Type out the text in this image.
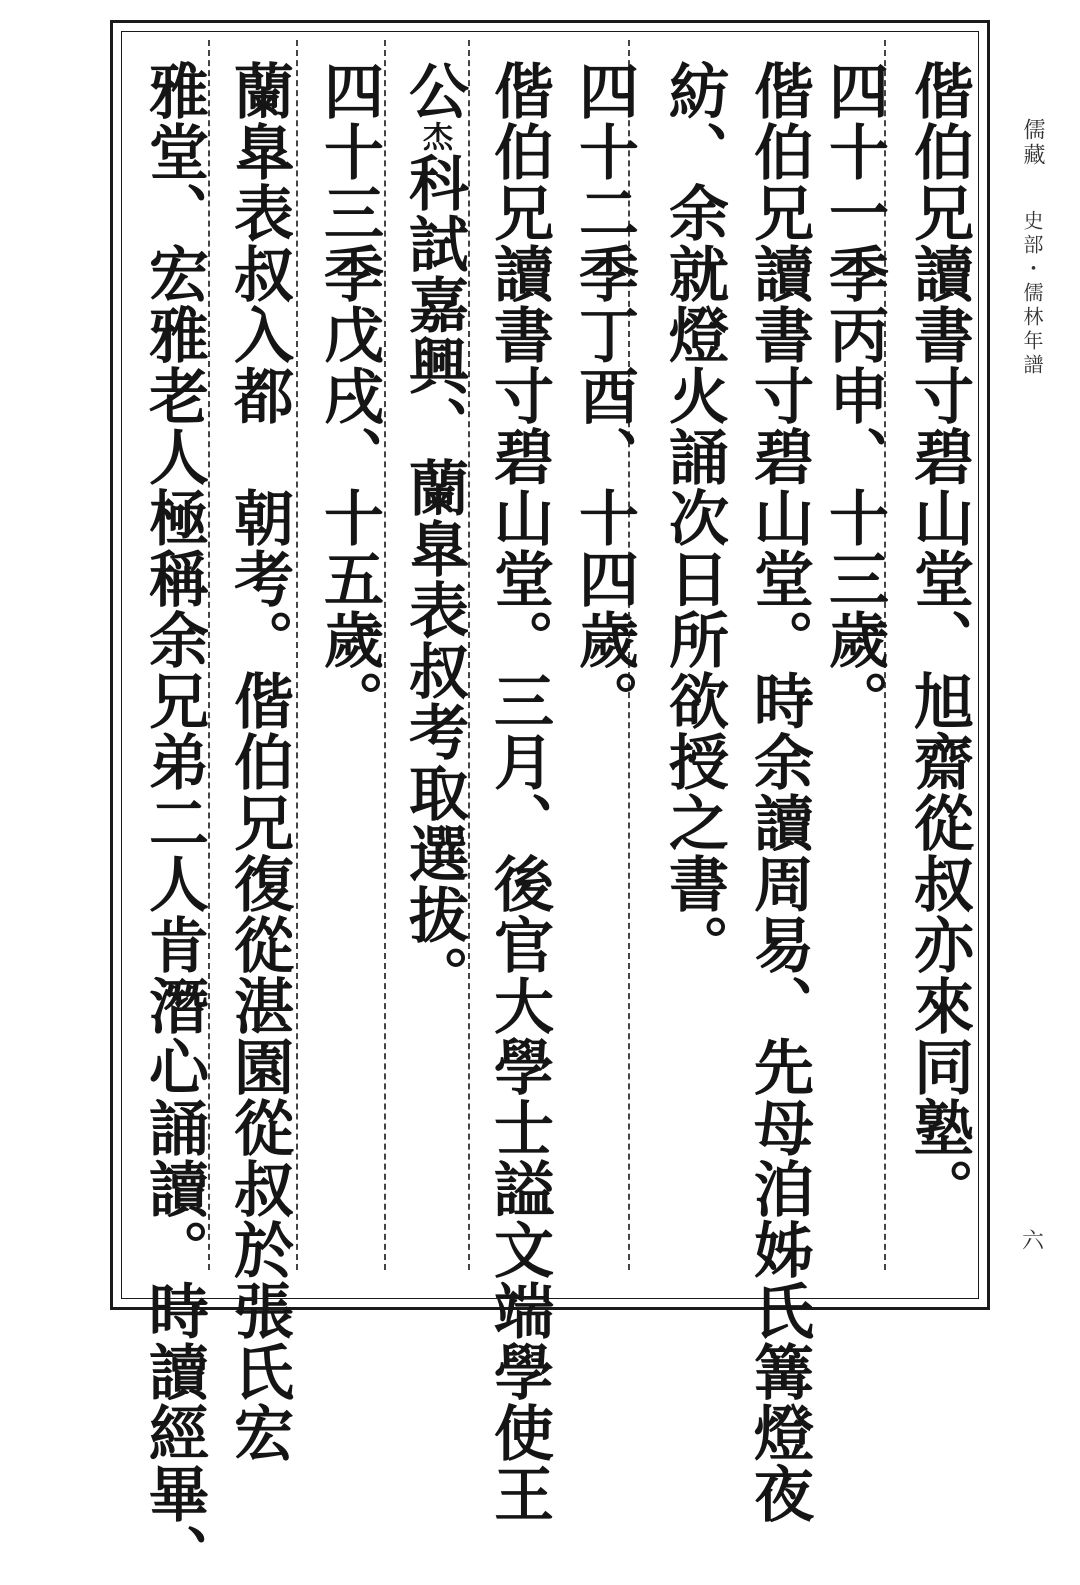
偕伯兄讀書寸碧山堂、旭齋從叔亦來同塾。
四十一季丙申、十三歲。
偕伯兄讀書寸碧山堂。時余讀周易、先母洎姊氏篝燈夜
紡、余就燈火誦次日所欲授之書。
四十二季丁酉、十四歲。
偕伯兄讀書寸碧山堂。三月、後官大學士謚文端學使王
公杰科試嘉興、蘭臯表叔考取選拔。
四十三季戊戌、十五歲。
蘭臯表叔入都　朝考。偕伯兄復從湛園從叔於張氏宏
雅堂、宏雅老人極稱余兄弟二人肯潛心誦讀。時讀經畢、	儒藏
史部・儒林年譜
六
